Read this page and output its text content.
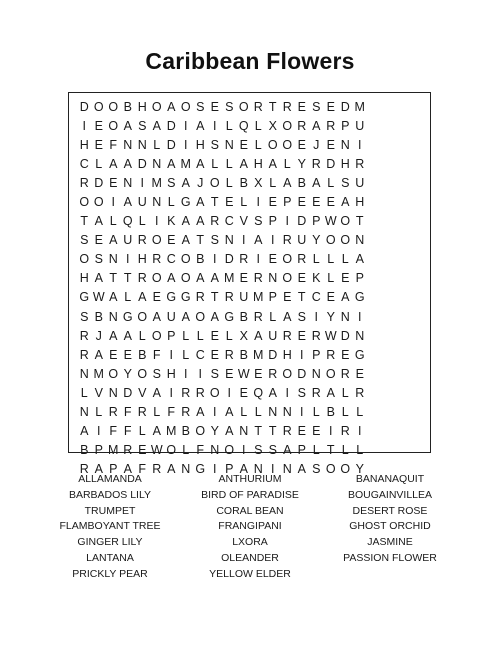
Caribbean Flowers
D O O B H O A O S E S O R T R E S E D M
I E O A S A D I A I L Q L X O R A R P U
H E F N N L D I H S N E L O O E J E N I
C L A A D N A M A L L A H A L Y R D H R
R D E N I M S A J O L B X L A B A L S U
O O I A U N L G A T E L I E P E E E A H
T A L Q L I K A A R C V S P I D P W O T
S E A U R O E A T S N I A I R U Y O O N
O S N I H R C O B I D R I E O R L L L A
H A T T R O A O A A M E R N O E K L E P
G W A L A E G G R T R U M P E T C E A G
S B N G O A U A O A G B R L A S I Y N I
R J A A L O P L L E L X A U R E R W D N
R A E E B F I L C E R B M D H I P R E G
N M O Y O S H I I S E W E R O D N O R E
L V N D V A I R R O I E Q A I S R A L R
N L R F R L F R A I A L L N N I L B L L
A I F F L A M B O Y A N T T R E E I R I
B P M R E W O L F N O I S S A P L T L L
R A P A F R A N G I P A N I N A S O O Y
ALLAMANDA	ANTHURIUM	BANANAQUIT
BARBADOS LILY	BIRD OF PARADISE	BOUGAINVILLEA
TRUMPET	CORAL BEAN	DESERT ROSE
FLAMBOYANT TREE	FRANGIPANI	GHOST ORCHID
GINGER LILY	LXORA	JASMINE
LANTANA	OLEANDER	PASSION FLOWER
PRICKLY PEAR	YELLOW ELDER
